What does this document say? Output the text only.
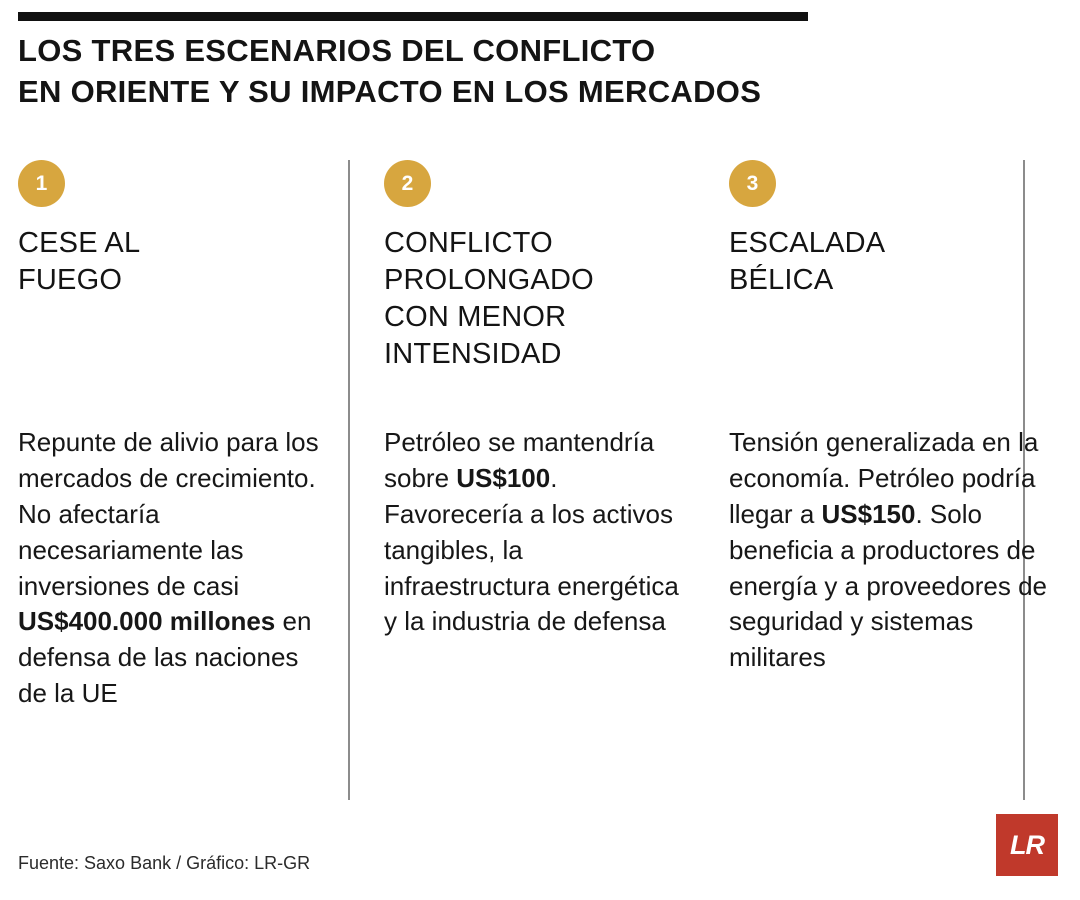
LOS TRES ESCENARIOS DEL CONFLICTO
EN ORIENTE Y SU IMPACTO EN LOS MERCADOS
1
CESE AL
FUEGO
Repunte de alivio para los mercados de crecimiento. No afectaría necesariamente las inversiones de casi US$400.000 millones en defensa de las naciones de la UE
2
CONFLICTO
PROLONGADO
CON MENOR
INTENSIDAD
Petróleo se mantendría sobre US$100. Favorecería a los activos tangibles, la infraestructura energética y la industria de defensa
3
ESCALADA
BÉLICA
Tensión generalizada en la economía. Petróleo podría llegar a US$150. Solo beneficia a productores de energía y a proveedores de seguridad y sistemas militares
Fuente: Saxo Bank / Gráfico: LR-GR
LR
